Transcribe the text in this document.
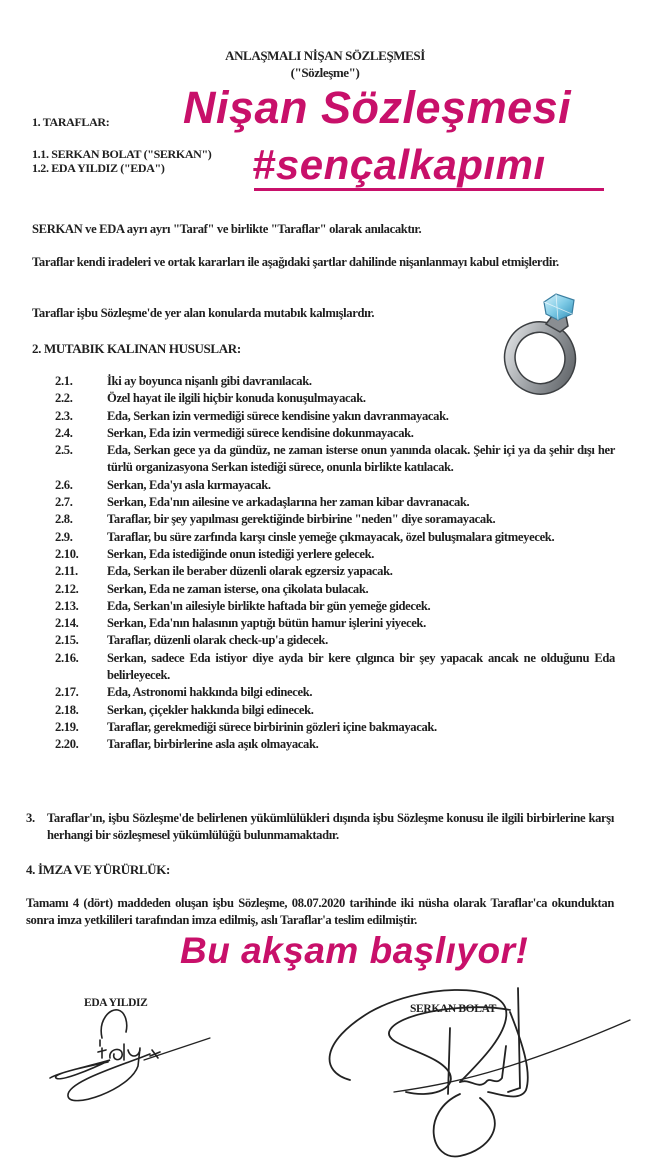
ANLAŞMALI NİŞAN SÖZLEŞMESİ
("Sözleşme")
1. TARAFLAR:
1.1. SERKAN BOLAT ("SERKAN")
1.2. EDA YILDIZ ("EDA")
Nişan Sözleşmesi
#sençalkapımı
SERKAN ve EDA ayrı ayrı "Taraf" ve birlikte "Taraflar" olarak anılacaktır.
Taraflar kendi iradeleri ve ortak kararları ile aşağıdaki şartlar dahilinde nişanlanmayı kabul etmişlerdir.
Taraflar işbu Sözleşme'de yer alan konularda mutabık kalmışlardır.
2. MUTABIK KALINAN HUSUSLAR:
2.1.	İki ay boyunca nişanlı gibi davranılacak.
2.2.	Özel hayat ile ilgili hiçbir konuda konuşulmayacak.
2.3.	Eda, Serkan izin vermediği sürece kendisine yakın davranmayacak.
2.4.	Serkan, Eda izin vermediği sürece kendisine dokunmayacak.
2.5.	Eda, Serkan gece ya da gündüz, ne zaman isterse onun yanında olacak. Şehir içi ya da şehir dışı her türlü organizasyona Serkan istediği sürece, onunla birlikte katılacak.
2.6.	Serkan, Eda'yı asla kırmayacak.
2.7.	Serkan, Eda'nın ailesine ve arkadaşlarına her zaman kibar davranacak.
2.8.	Taraflar, bir şey yapılması gerektiğinde birbirine "neden" diye soramayacak.
2.9.	Taraflar, bu süre zarfında karşı cinsle yemeğe çıkmayacak, özel buluşmalara gitmeyecek.
2.10.	Serkan, Eda istediğinde onun istediği yerlere gelecek.
2.11.	Eda, Serkan ile beraber düzenli olarak egzersiz yapacak.
2.12.	Serkan, Eda ne zaman isterse, ona çikolata bulacak.
2.13.	Eda, Serkan'ın ailesiyle birlikte haftada bir gün yemeğe gidecek.
2.14.	Serkan, Eda'nın halasının yaptığı bütün hamur işlerini yiyecek.
2.15.	Taraflar, düzenli olarak check-up'a gidecek.
2.16.	Serkan, sadece Eda istiyor diye ayda bir kere çılgınca bir şey yapacak ancak ne olduğunu Eda belirleyecek.
2.17.	Eda, Astronomi hakkında bilgi edinecek.
2.18.	Serkan, çiçekler hakkında bilgi edinecek.
2.19.	Taraflar, gerekmediği sürece birbirinin gözleri içine bakmayacak.
2.20.	Taraflar, birbirlerine asla aşık olmayacak.
3. Taraflar'ın, işbu Sözleşme'de belirlenen yükümlülükleri dışında işbu Sözleşme konusu ile ilgili birbirlerine karşı herhangi bir sözleşmesel yükümlülüğü bulunmamaktadır.
4. İMZA VE YÜRÜRLÜK:
Tamamı 4 (dört) maddeden oluşan işbu Sözleşme, 08.07.2020 tarihinde iki nüsha olarak Taraflar'ca okunduktan sonra imza yetkilileri tarafından imza edilmiş, aslı Taraflar'a teslim edilmiştir.
Bu akşam başlıyor!
EDA YILDIZ	SERKAN BOLAT
